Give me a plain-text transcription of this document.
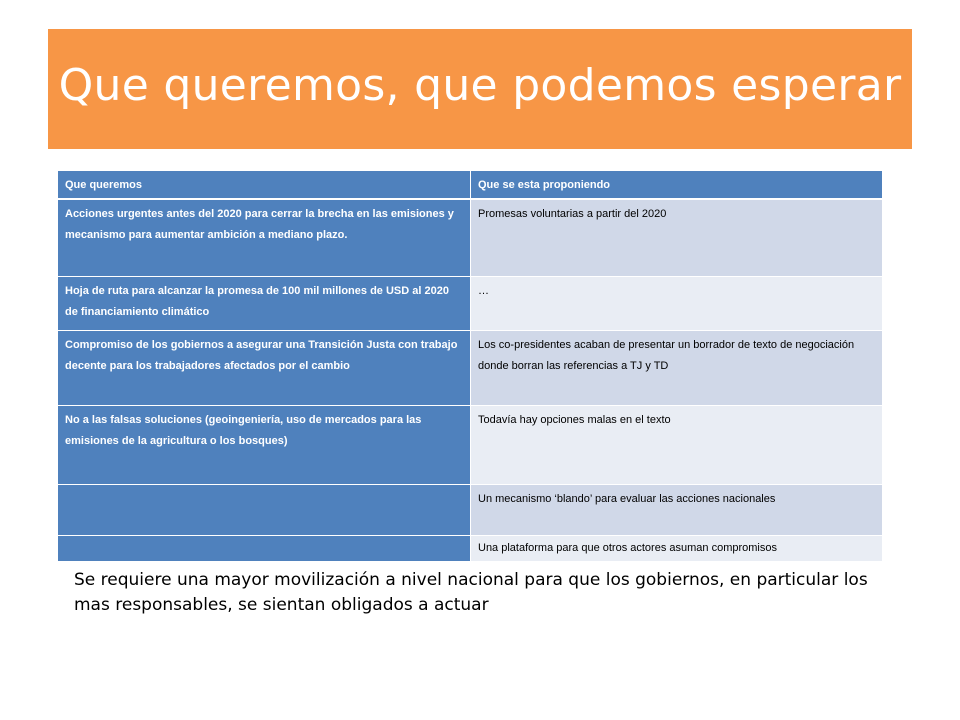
Que queremos, que podemos esperar
Que queremos	Que se esta proponiendo
Acciones urgentes antes del 2020 para cerrar la brecha en las emisiones y mecanismo para aumentar ambición a mediano plazo.	Promesas voluntarias a partir del 2020
Hoja de ruta para alcanzar la promesa de 100 mil millones de USD al 2020 de financiamiento climático	…
Compromiso de los gobiernos a asegurar una Transición Justa con trabajo decente para los trabajadores afectados por el cambio	Los co-presidentes acaban de presentar un borrador de texto de negociación donde borran las referencias a TJ y TD
No a las falsas soluciones (geoingeniería, uso de mercados para las emisiones de la agricultura o los bosques)	Todavía hay opciones malas en el texto
	Un mecanismo ‘blando’ para evaluar las acciones nacionales
	Una plataforma para que otros actores asuman compromisos
Se requiere una mayor movilización a nivel nacional para que los gobiernos, en particular los mas responsables, se sientan obligados a actuar
